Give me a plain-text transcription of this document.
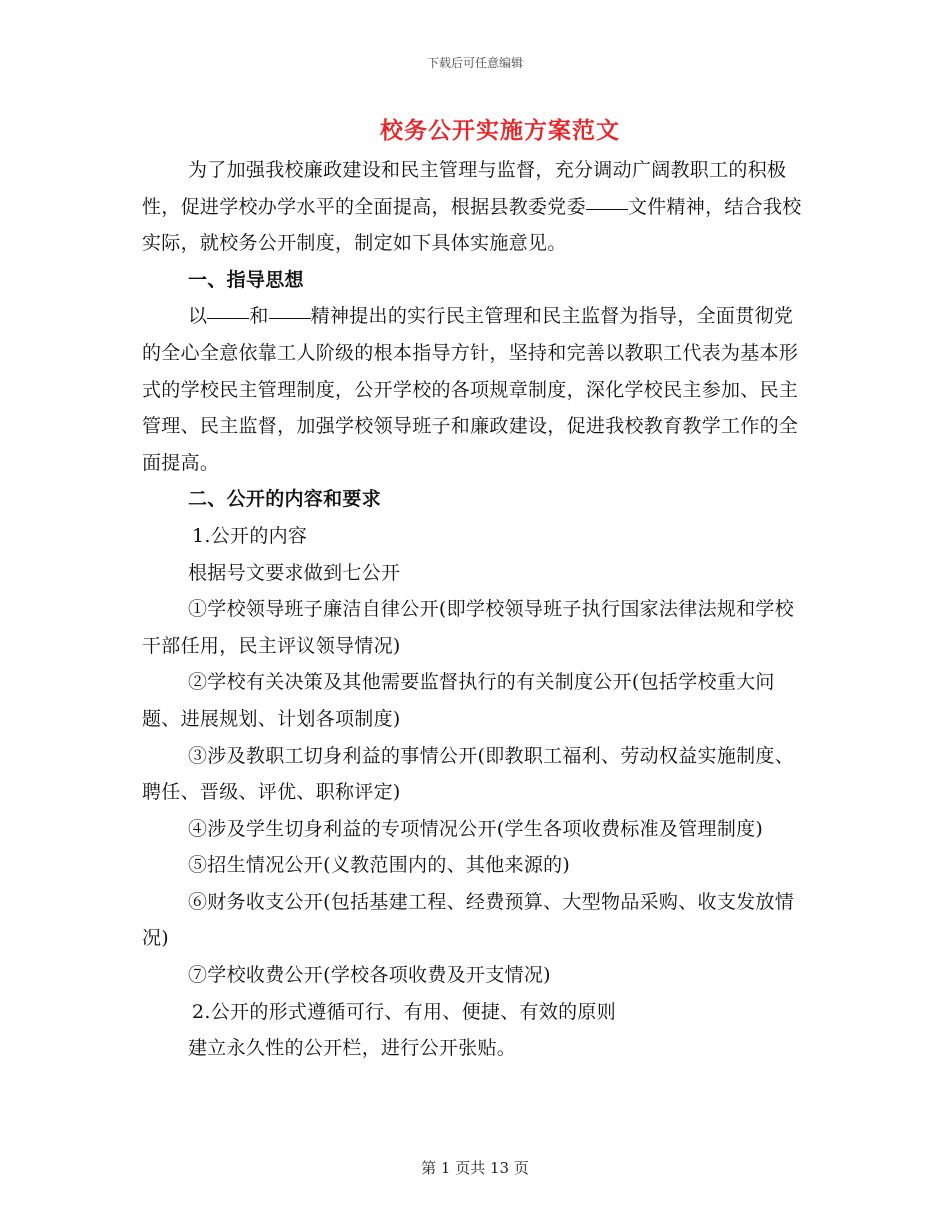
下载后可任意编辑
校务公开实施方案范文

为了加强我校廉政建设和民主管理与监督，充分调动广阔教职工的积极性，促进学校办学水平的全面提高，根据县教委党委 文件精神，结合我校实际，就校务公开制度，制定如下具体实施意见。

一、指导思想

以 和 精神提出的实行民主管理和民主监督为指导，全面贯彻党的全心全意依靠工人阶级的根本指导方针，坚持和完善以教职工代表为基本形式的学校民主管理制度，公开学校的各项规章制度，深化学校民主参加、民主管理、民主监督，加强学校领导班子和廉政建设，促进我校教育教学工作的全面提高。

二、公开的内容和要求

1.公开的内容

根据号文要求做到七公开

①学校领导班子廉洁自律公开(即学校领导班子执行国家法律法规和学校干部任用，民主评议领导情况)

②学校有关决策及其他需要监督执行的有关制度公开(包括学校重大问题、进展规划、计划各项制度)

③涉及教职工切身利益的事情公开(即教职工福利、劳动权益实施制度、聘任、晋级、评优、职称评定)

④涉及学生切身利益的专项情况公开(学生各项收费标准及管理制度)

⑤招生情况公开(义教范围内的、其他来源的)

⑥财务收支公开(包括基建工程、经费预算、大型物品采购、收支发放情况)

⑦学校收费公开(学校各项收费及开支情况)

2.公开的形式遵循可行、有用、便捷、有效的原则

建立永久性的公开栏，进行公开张贴。

第 1 页共 13 页
